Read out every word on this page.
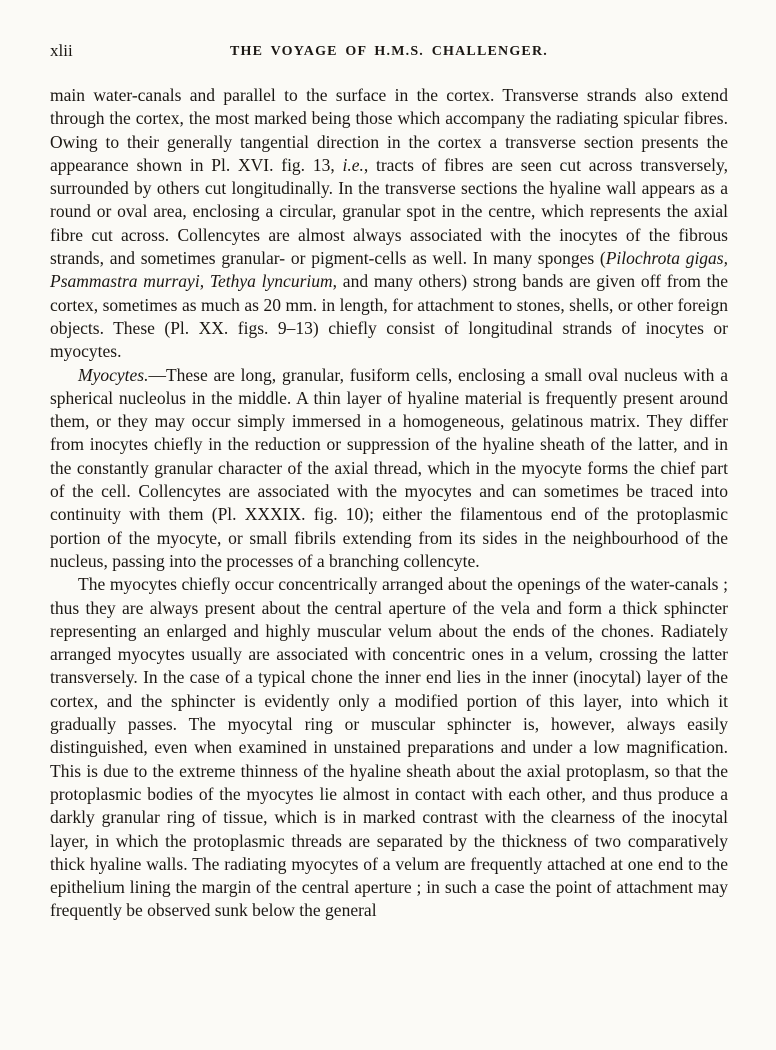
xlii	THE VOYAGE OF H.M.S. CHALLENGER.

main water-canals and parallel to the surface in the cortex. Transverse strands also extend through the cortex, the most marked being those which accompany the radiating spicular fibres. Owing to their generally tangential direction in the cortex a transverse section presents the appearance shown in Pl. XVI. fig. 13, i.e., tracts of fibres are seen cut across transversely, surrounded by others cut longitudinally. In the transverse sections the hyaline wall appears as a round or oval area, enclosing a circular, granular spot in the centre, which represents the axial fibre cut across. Collencytes are almost always associated with the inocytes of the fibrous strands, and sometimes granular- or pigment-cells as well. In many sponges (Pilochrota gigas, Psammastra murrayi, Tethya lyncurium, and many others) strong bands are given off from the cortex, sometimes as much as 20 mm. in length, for attachment to stones, shells, or other foreign objects. These (Pl. XX. figs. 9–13) chiefly consist of longitudinal strands of inocytes or myocytes.

Myocytes.—These are long, granular, fusiform cells, enclosing a small oval nucleus with a spherical nucleolus in the middle. A thin layer of hyaline material is frequently present around them, or they may occur simply immersed in a homogeneous, gelatinous matrix. They differ from inocytes chiefly in the reduction or suppression of the hyaline sheath of the latter, and in the constantly granular character of the axial thread, which in the myocyte forms the chief part of the cell. Collencytes are associated with the myocytes and can sometimes be traced into continuity with them (Pl. XXXIX. fig. 10); either the filamentous end of the protoplasmic portion of the myocyte, or small fibrils extending from its sides in the neighbourhood of the nucleus, passing into the processes of a branching collencyte.

The myocytes chiefly occur concentrically arranged about the openings of the water-canals ; thus they are always present about the central aperture of the vela and form a thick sphincter representing an enlarged and highly muscular velum about the ends of the chones. Radiately arranged myocytes usually are associated with concentric ones in a velum, crossing the latter transversely. In the case of a typical chone the inner end lies in the inner (inocytal) layer of the cortex, and the sphincter is evidently only a modified portion of this layer, into which it gradually passes. The myocytal ring or muscular sphincter is, however, always easily distinguished, even when examined in unstained preparations and under a low magnification. This is due to the extreme thinness of the hyaline sheath about the axial protoplasm, so that the protoplasmic bodies of the myocytes lie almost in contact with each other, and thus produce a darkly granular ring of tissue, which is in marked contrast with the clearness of the inocytal layer, in which the protoplasmic threads are separated by the thickness of two comparatively thick hyaline walls. The radiating myocytes of a velum are frequently attached at one end to the epithelium lining the margin of the central aperture ; in such a case the point of attachment may frequently be observed sunk below the general
